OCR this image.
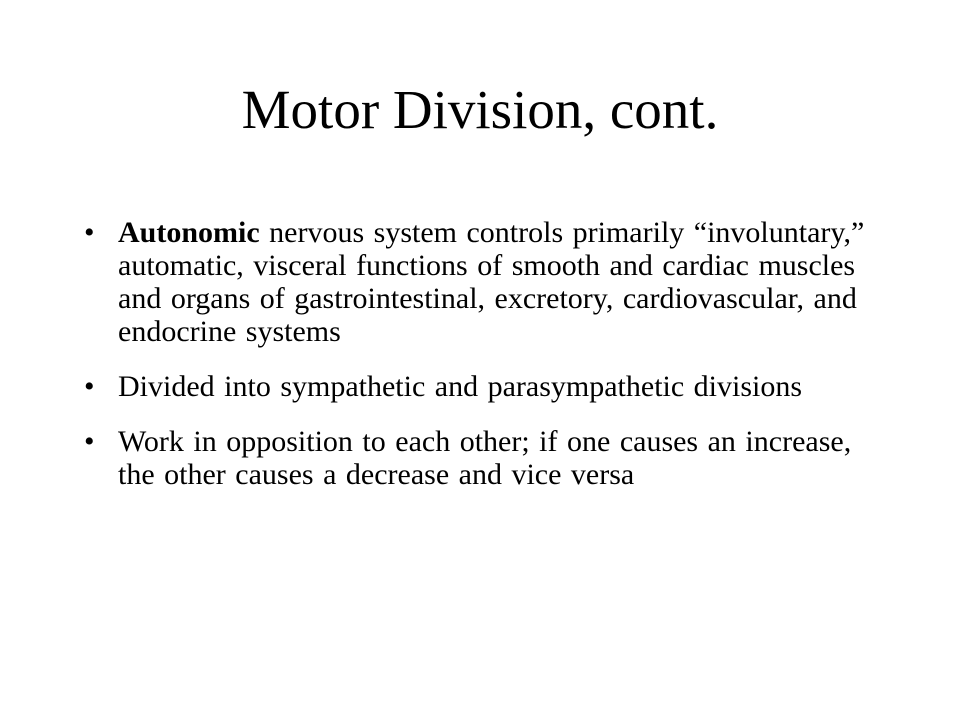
Motor Division, cont.
• Autonomic nervous system controls primarily “involuntary,” automatic, visceral functions of smooth and cardiac muscles and organs of gastrointestinal, excretory, cardiovascular, and endocrine systems
• Divided into sympathetic and parasympathetic divisions
• Work in opposition to each other; if one causes an increase, the other causes a decrease and vice versa
